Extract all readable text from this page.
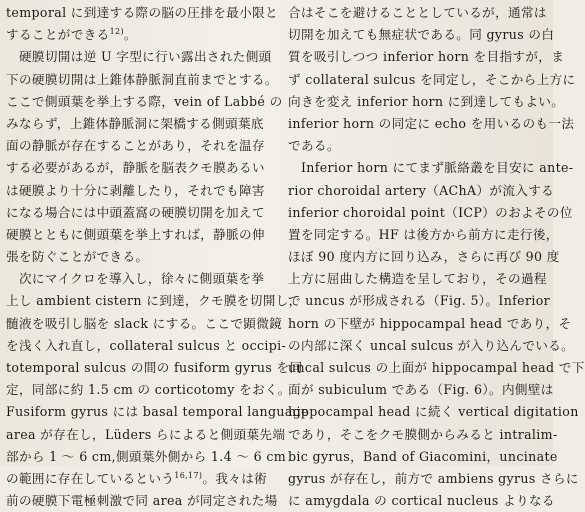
temporal に到達する際の脳の圧排を最小限と
することができる$^{12)}$。
　硬膜切開は逆 U 字型に行い露出された側頭
下の硬膜切開は上錐体静脈洞直前までとする。
ここで側頭葉を挙上する際，vein of Labbé の
みならず，上錐体静脈洞に架橋する側頭葉底
面の静脈が存在することがあり，それを温存
する必要があるが，静脈を脳表クモ膜あるい
は硬膜より十分に剥離したり，それでも障害
になる場合には中頭蓋窩の硬膜切開を加えて
硬膜とともに側頭葉を挙上すれば，静脈の伸
張を防ぐことができる。
　次にマイクロを導入し，徐々に側頭葉を挙
上し ambient cistern に到達，クモ膜を切開し，
髄液を吸引し脳を slack にする。ここで顕微鏡
を浅く入れ直し，collateral sulcus と occipi-
totemporal sulcus の間の fusiform gyrus を同
定，同部に約 1.5 cm の corticotomy をおく。
Fusiform gyrus には basal temporal language
area が存在し，Lüders らによると側頭葉先端
部から 1 ～ 6 cm,側頭葉外側から 1.4 ～ 6 cm
の範囲に存在しているという$^{16,17)}$。我々は術
前の硬膜下電極刺激で同 area が同定された場
合はそこを避けることとしているが，通常は
切開を加えても無症状である。同 gyrus の白
質を吸引しつつ inferior horn を目指すが，ま
ず collateral sulcus を同定し，そこから上方に
向きを変え inferior horn に到達してもよい。
inferior horn の同定に echo を用いるのも一法
である。
　Inferior horn にてまず脈絡叢を目安に ante-
rior choroidal artery（AChA）が流入する
inferior choroidal point（ICP）のおよその位
置を同定する。HF は後方から前方に走行後，
ほぼ 90 度内方に回り込み，さらに再び 90 度
上方に屈曲した構造を呈しており，その過程
で uncus が形成される（Fig. 5）。Inferior
horn の下壁が hippocampal head であり，そ
の内部に深く uncal sulcus が入り込んでいる。
uncal sulcus の上面が hippocampal head で下
面が subiculum である（Fig. 6）。内側壁は
hippocampal head に続く vertical digitation
であり，そこをクモ膜側からみると intralim-
bic gyrus，Band of Giacomini，uncinate
gyrus が存在し，前方で ambiens gyrus さらに
に amygdala の cortical nucleus よりなる
